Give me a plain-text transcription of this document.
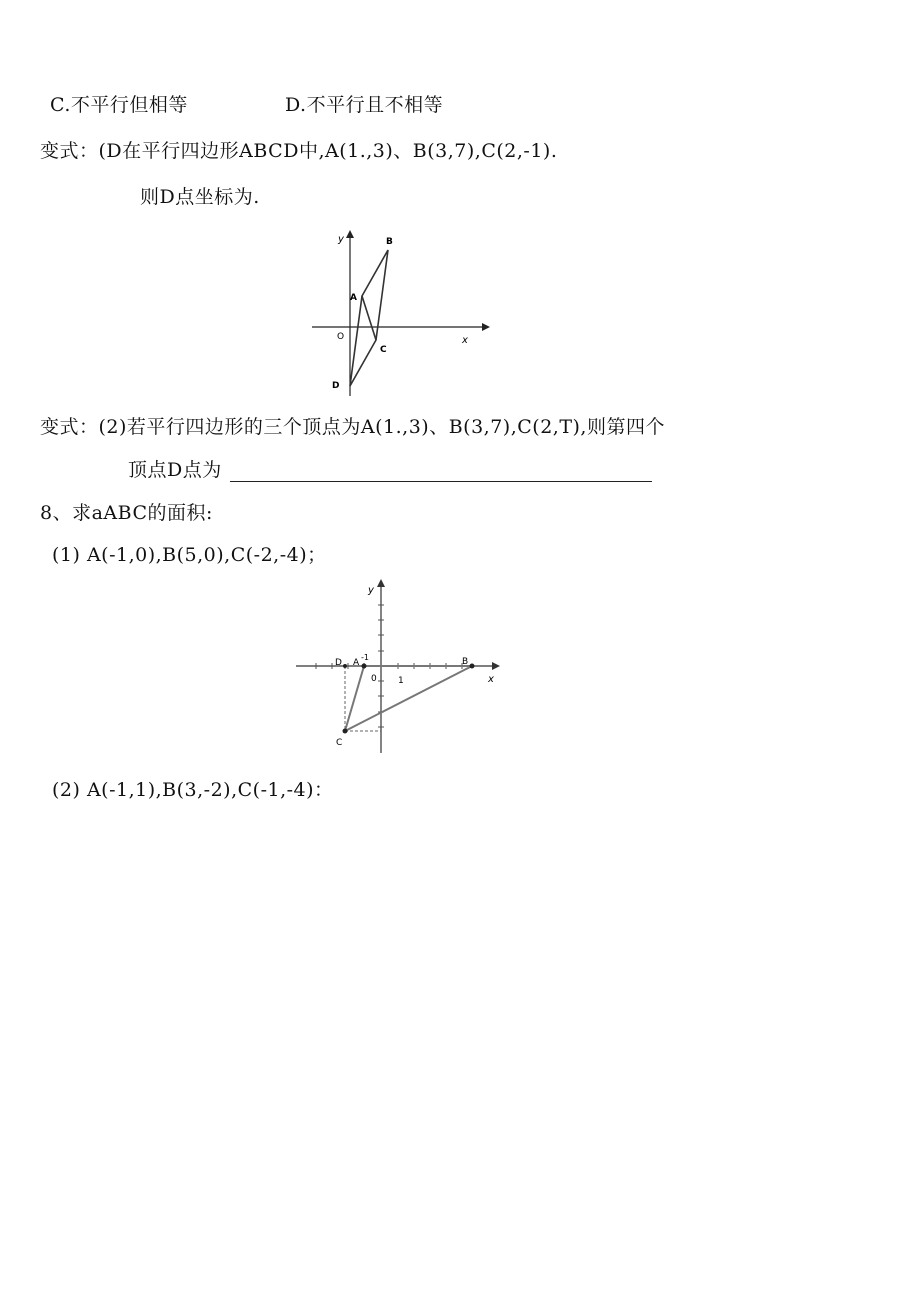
C.不平行但相等	D.不平行且不相等
变式：(D在平行四边形ABCD中,A(1.,3)、B(3,7),C(2,-1).
则D点坐标为.
y
x
O
A
B
C
D
变式：(2)若平行四边形的三个顶点为A(1.,3)、B(3,7),C(2,T),则第四个
顶点D点为
8、求aABC的面积:
(1) A(-1,0),B(5,0),C(-2,-4)；
y
x
0 1
D A
-1	B
C
(2) A(-1,1),B(3,-2),C(-1,-4)：
